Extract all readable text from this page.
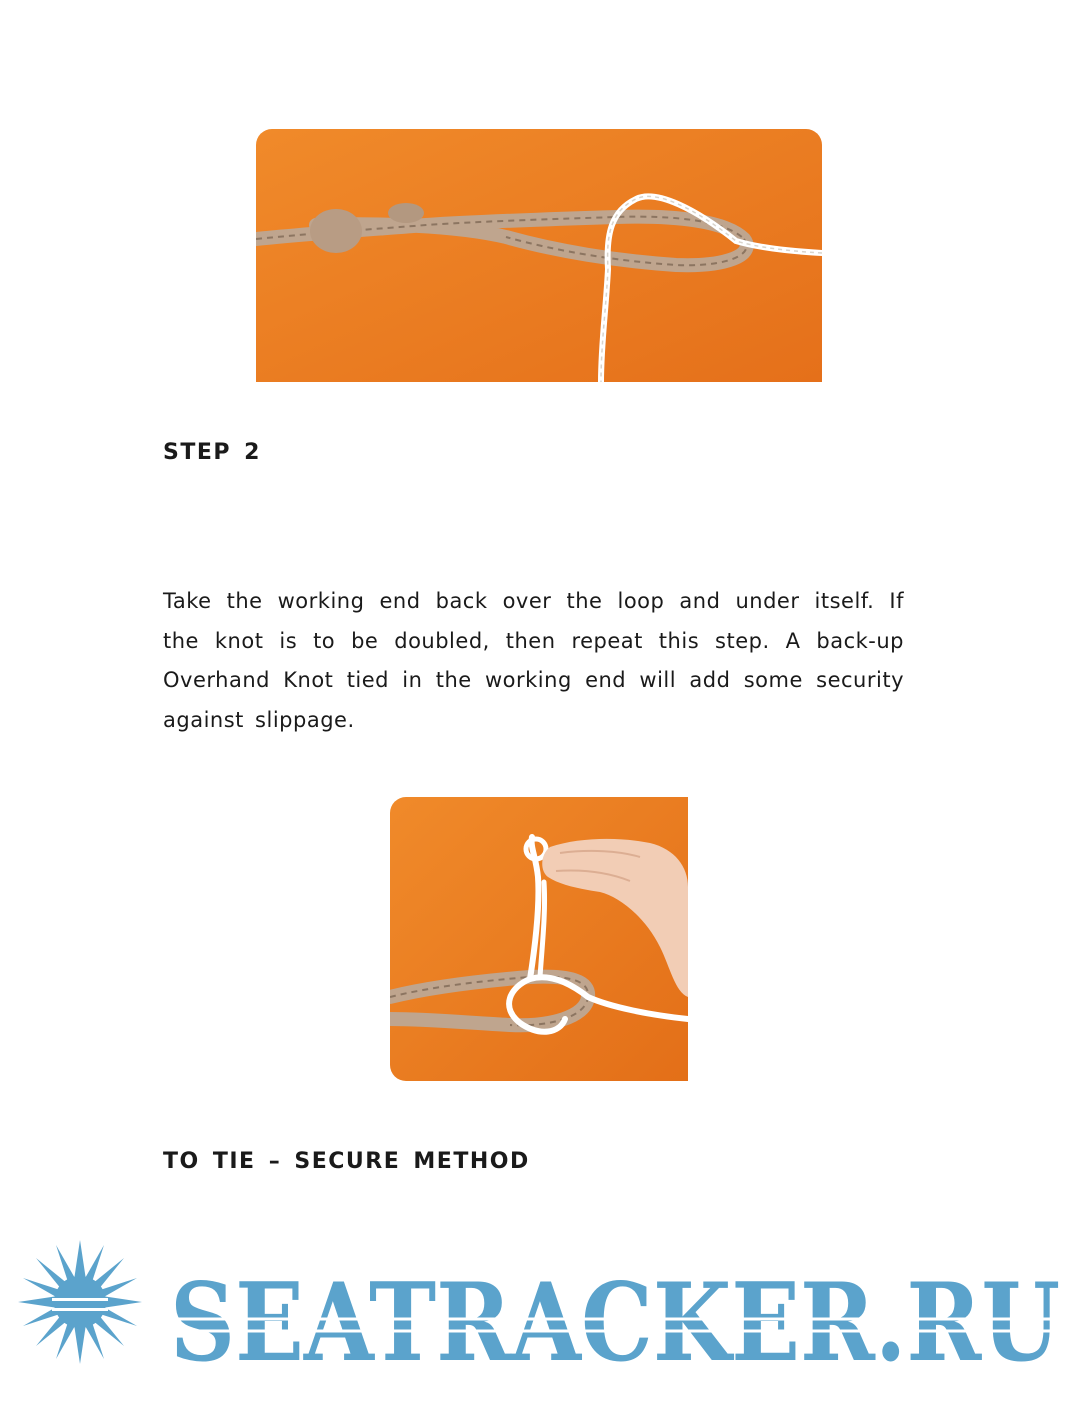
STEP 2

Take the working end back over the loop and under itself. If the knot is to be doubled, then repeat this step. A back-up Overhand Knot tied in the working end will add some security against slippage.

TO TIE – SECURE METHOD
SEATRACKER.RU
